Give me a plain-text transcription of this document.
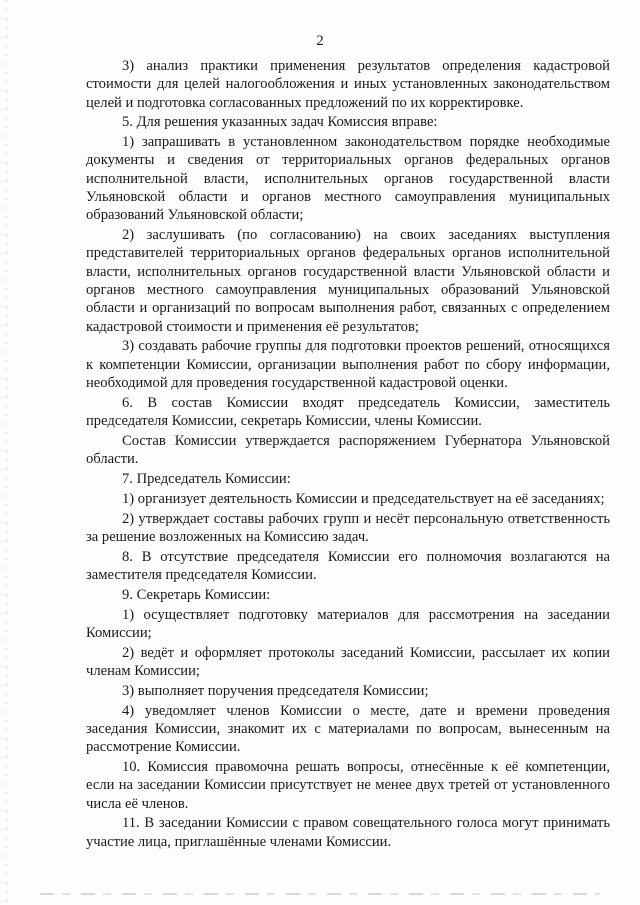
2

3) анализ практики применения результатов определения кадастровой стоимости для целей налогообложения и иных установленных законодательством целей и подготовка согласованных предложений по их корректировке.

5. Для решения указанных задач Комиссия вправе:

1) запрашивать в установленном законодательством порядке необходимые документы и сведения от территориальных органов федеральных органов исполнительной власти, исполнительных органов государственной власти Ульяновской области и органов местного самоуправления муниципальных образований Ульяновской области;

2) заслушивать (по согласованию) на своих заседаниях выступления представителей территориальных органов федеральных органов исполнительной власти, исполнительных органов государственной власти Ульяновской области и органов местного самоуправления муниципальных образований Ульяновской области и организаций по вопросам выполнения работ, связанных с определением кадастровой стоимости и применения её результатов;

3) создавать рабочие группы для подготовки проектов решений, относящихся к компетенции Комиссии, организации выполнения работ по сбору информации, необходимой для проведения государственной кадастровой оценки.

6. В состав Комиссии входят председатель Комиссии, заместитель председателя Комиссии, секретарь Комиссии, члены Комиссии.

Состав Комиссии утверждается распоряжением Губернатора Ульяновской области.

7. Председатель Комиссии:

1) организует деятельность Комиссии и председательствует на её заседаниях;

2) утверждает составы рабочих групп и несёт персональную ответственность за решение возложенных на Комиссию задач.

8. В отсутствие председателя Комиссии его полномочия возлагаются на заместителя председателя Комиссии.

9. Секретарь Комиссии:

1) осуществляет подготовку материалов для рассмотрения на заседании Комиссии;

2) ведёт и оформляет протоколы заседаний Комиссии, рассылает их копии членам Комиссии;

3) выполняет поручения председателя Комиссии;

4) уведомляет членов Комиссии о месте, дате и времени проведения заседания Комиссии, знакомит их с материалами по вопросам, вынесенным на рассмотрение Комиссии.

10. Комиссия правомочна решать вопросы, отнесённые к её компетенции, если на заседании Комиссии присутствует не менее двух третей от установленного числа её членов.

11. В заседании Комиссии с правом совещательного голоса могут принимать участие лица, приглашённые членами Комиссии.
